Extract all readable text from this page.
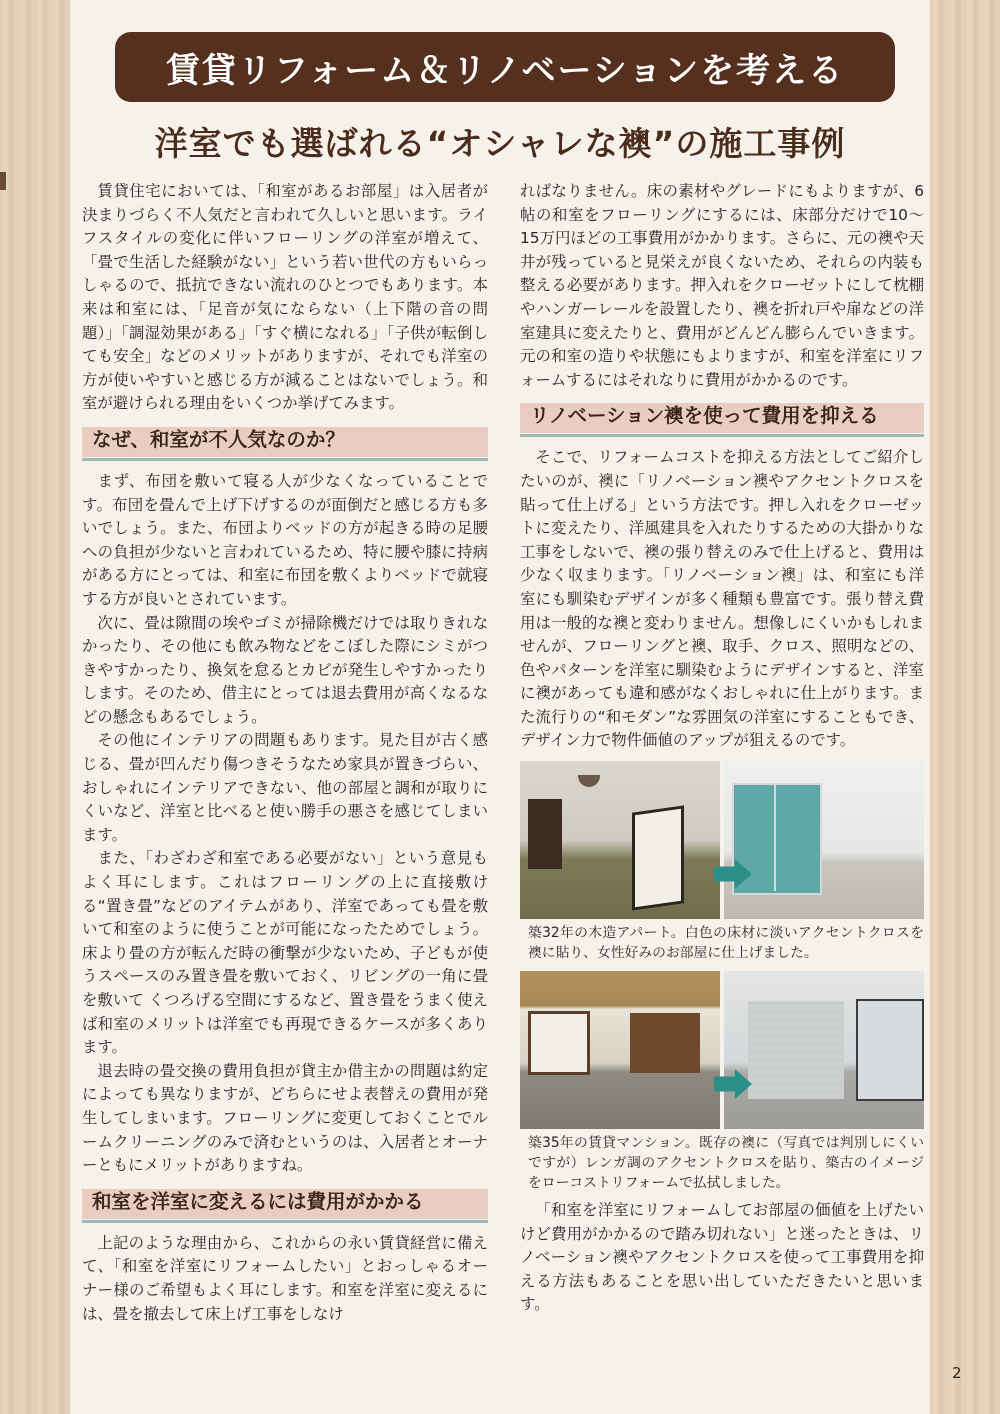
賃貸リフォーム＆リノベーションを考える
洋室でも選ばれる“オシャレな襖”の施工事例

賃貸住宅においては、「和室があるお部屋」は入居者が決まりづらく不人気だと言われて久しいと思います。ライフスタイルの変化に伴いフローリングの洋室が増えて、「畳で生活した経験がない」という若い世代の方もいらっしゃるので、抵抗できない流れのひとつでもあります。本来は和室には、「足音が気にならない（上下階の音の問題）」「調湿効果がある」「すぐ横になれる」「子供が転倒しても安全」などのメリットがありますが、それでも洋室の方が使いやすいと感じる方が減ることはないでしょう。和室が避けられる理由をいくつか挙げてみます。

なぜ、和室が不人気なのか？

まず、布団を敷いて寝る人が少なくなっていることです。布団を畳んで上げ下げするのが面倒だと感じる方も多いでしょう。また、布団よりベッドの方が起きる時の足腰への負担が少ないと言われているため、特に腰や膝に持病がある方にとっては、和室に布団を敷くよりベッドで就寝する方が良いとされています。

次に、畳は隙間の埃やゴミが掃除機だけでは取りきれなかったり、その他にも飲み物などをこぼした際にシミがつきやすかったり、換気を怠るとカビが発生しやすかったりします。そのため、借主にとっては退去費用が高くなるなどの懸念もあるでしょう。

その他にインテリアの問題もあります。見た目が古く感じる、畳が凹んだり傷つきそうなため家具が置きづらい、おしゃれにインテリアできない、他の部屋と調和が取りにくいなど、洋室と比べると使い勝手の悪さを感じてしまいます。

また、「わざわざ和室である必要がない」という意見もよく耳にします。これはフローリングの上に直接敷ける“置き畳”などのアイテムがあり、洋室であっても畳を敷いて和室のように使うことが可能になったためでしょう。床より畳の方が転んだ時の衝撃が少ないため、子どもが使うスペースのみ置き畳を敷いておく、リビングの一角に畳を敷いて くつろげる空間にするなど、置き畳をうまく使えば和室のメリットは洋室でも再現できるケースが多くあります。

退去時の畳交換の費用負担が貸主か借主かの問題は約定によっても異なりますが、どちらにせよ表替えの費用が発生してしまいます。フローリングに変更しておくことでルームクリーニングのみで済むというのは、入居者とオーナーともにメリットがありますね。

和室を洋室に変えるには費用がかかる

上記のような理由から、これからの永い賃貸経営に備えて、「和室を洋室にリフォームしたい」とおっしゃるオーナー様のご希望もよく耳にします。和室を洋室に変えるには、畳を撤去して床上げ工事をしなけ

ればなりません。床の素材やグレードにもよりますが、6帖の和室をフローリングにするには、床部分だけで10〜15万円ほどの工事費用がかかります。さらに、元の襖や天井が残っていると見栄えが良くないため、それらの内装も整える必要があります。押入れをクローゼットにして枕棚やハンガーレールを設置したり、襖を折れ戸や扉などの洋室建具に変えたりと、費用がどんどん膨らんでいきます。元の和室の造りや状態にもよりますが、和室を洋室にリフォームするにはそれなりに費用がかかるのです。

リノベーション襖を使って費用を抑える

そこで、リフォームコストを抑える方法としてご紹介したいのが、襖に「リノベーション襖やアクセントクロスを貼って仕上げる」という方法です。押し入れをクローゼットに変えたり、洋風建具を入れたりするための大掛かりな工事をしないで、襖の張り替えのみで仕上げると、費用は少なく収まります。「リノベーション襖」は、和室にも洋室にも馴染むデザインが多く種類も豊富です。張り替え費用は一般的な襖と変わりません。想像しにくいかもしれませんが、フローリングと襖、取手、クロス、照明などの、色やパターンを洋室に馴染むようにデザインすると、洋室に襖があっても違和感がなくおしゃれに仕上がります。また流行りの“和モダン”な雰囲気の洋室にすることもでき、デザイン力で物件価値のアップが狙えるのです。

築32年の木造アパート。白色の床材に淡いアクセントクロスを襖に貼り、女性好みのお部屋に仕上げました。
築35年の賃貸マンション。既存の襖に（写真では判別しにくいですが）レンガ調のアクセントクロスを貼り、築古のイメージをローコストリフォームで払拭しました。

「和室を洋室にリフォームしてお部屋の価値を上げたいけど費用がかかるので踏み切れない」と迷ったときは、リノベーション襖やアクセントクロスを使って工事費用を抑える方法もあることを思い出していただきたいと思います。

2
